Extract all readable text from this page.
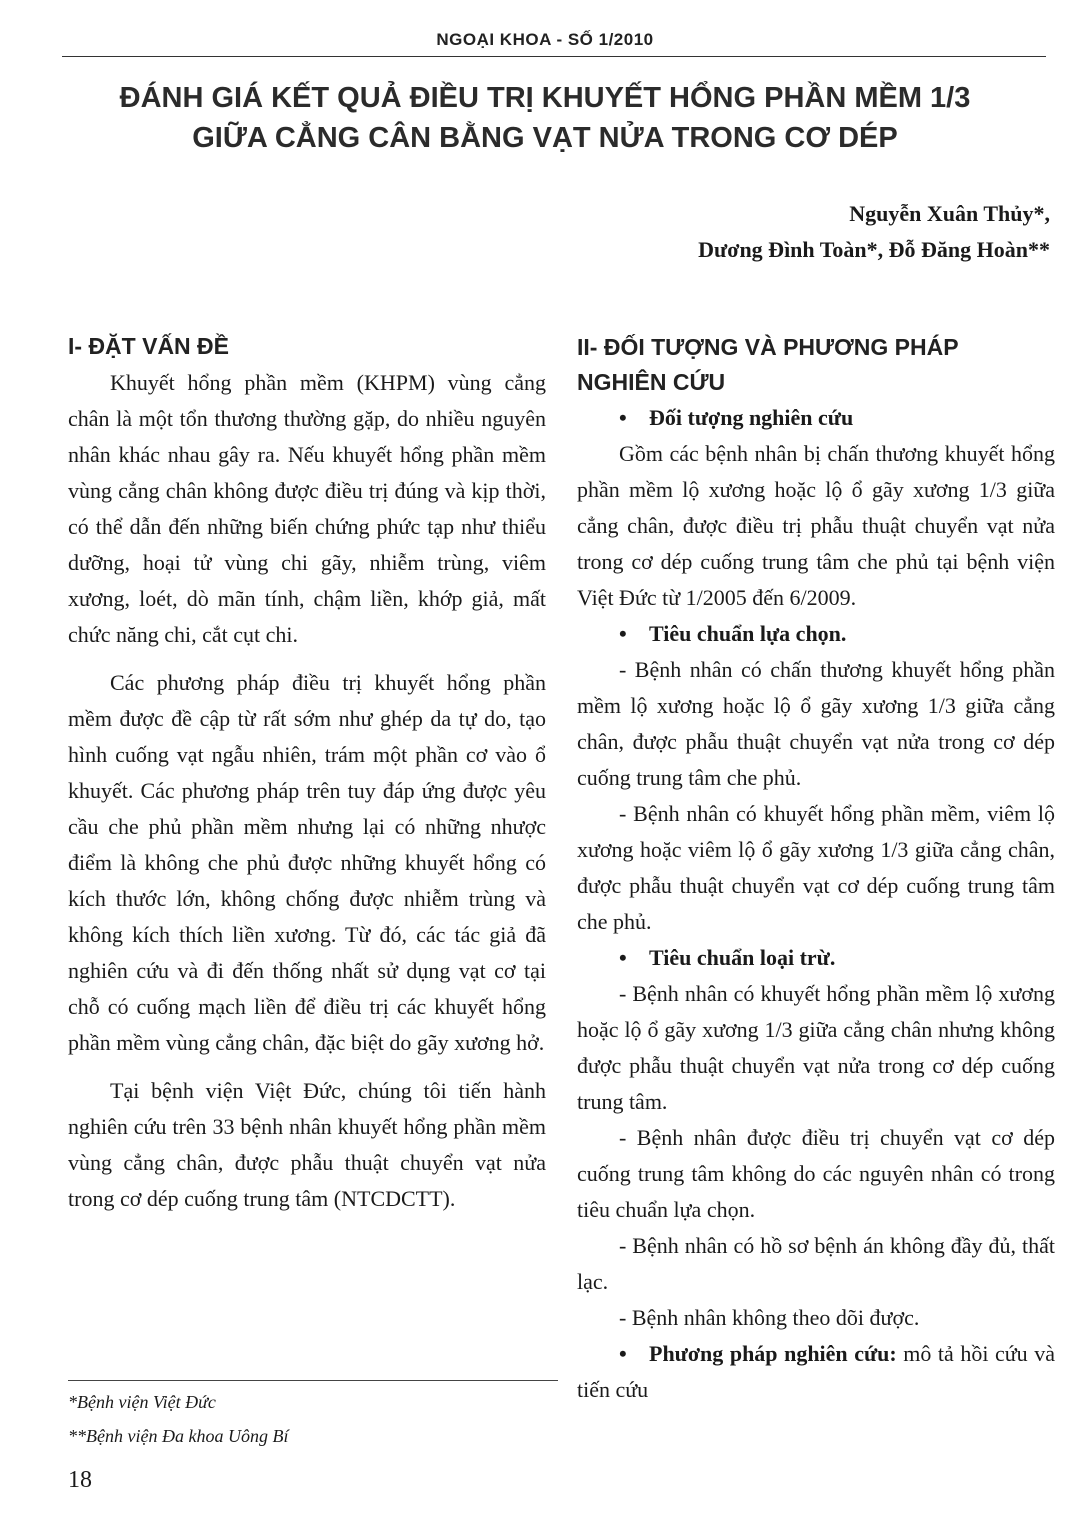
NGOẠI KHOA - SỐ 1/2010
ĐÁNH GIÁ KẾT QUẢ ĐIỀU TRỊ KHUYẾT HỔNG PHẦN MỀM 1/3
GIỮA CẲNG CÂN BẰNG VẠT NỬA TRONG CƠ DÉP
Nguyễn Xuân Thủy*,
Dương Đình Toàn*, Đỗ Đăng Hoàn**
I- ĐẶT VẤN ĐỀ

Khuyết hổng phần mềm (KHPM) vùng cẳng chân là một tổn thương thường gặp, do nhiều nguyên nhân khác nhau gây ra. Nếu khuyết hổng phần mềm vùng cẳng chân không được điều trị đúng và kịp thời, có thể dẫn đến những biến chứng phức tạp như thiểu dưỡng, hoại tử vùng chi gãy, nhiễm trùng, viêm xương, loét, dò mãn tính, chậm liền, khớp giả, mất chức năng chi, cắt cụt chi.

Các phương pháp điều trị khuyết hổng phần mềm được đề cập từ rất sớm như ghép da tự do, tạo hình cuống vạt ngẫu nhiên, trám một phần cơ vào ổ khuyết. Các phương pháp trên tuy đáp ứng được yêu cầu che phủ phần mềm nhưng lại có những nhược điểm là không che phủ được những khuyết hổng có kích thước lớn, không chống được nhiễm trùng và không kích thích liền xương. Từ đó, các tác giả đã nghiên cứu và đi đến thống nhất sử dụng vạt cơ tại chỗ có cuống mạch liền để điều trị các khuyết hổng phần mềm vùng cẳng chân, đặc biệt do gãy xương hở.

Tại bệnh viện Việt Đức, chúng tôi tiến hành nghiên cứu trên 33 bệnh nhân khuyết hổng phần mềm vùng cẳng chân, được phẫu thuật chuyển vạt nửa trong cơ dép cuống trung tâm (NTCDCTT).

II- ĐỐI TƯỢNG VÀ PHƯƠNG PHÁP
NGHIÊN CỨU
• Đối tượng nghiên cứu

Gồm các bệnh nhân bị chấn thương khuyết hổng phần mềm lộ xương hoặc lộ ổ gãy xương 1/3 giữa cẳng chân, được điều trị phẫu thuật chuyển vạt nửa trong cơ dép cuống trung tâm che phủ tại bệnh viện Việt Đức từ 1/2005 đến 6/2009.

• Tiêu chuẩn lựa chọn.

- Bệnh nhân có chấn thương khuyết hổng phần mềm lộ xương hoặc lộ ổ gãy xương 1/3 giữa cẳng chân, được phẫu thuật chuyển vạt nửa trong cơ dép cuống trung tâm che phủ.

- Bệnh nhân có khuyết hổng phần mềm, viêm lộ xương hoặc viêm lộ ổ gãy xương 1/3 giữa cẳng chân, được phẫu thuật chuyển vạt cơ dép cuống trung tâm che phủ.

• Tiêu chuẩn loại trừ.

- Bệnh nhân có khuyết hổng phần mềm lộ xương hoặc lộ ổ gãy xương 1/3 giữa cẳng chân nhưng không được phẫu thuật chuyển vạt nửa trong cơ dép cuống trung tâm.

- Bệnh nhân được điều trị chuyển vạt cơ dép cuống trung tâm không do các nguyên nhân có trong tiêu chuẩn lựa chọn.

- Bệnh nhân có hồ sơ bệnh án không đầy đủ, thất lạc.

- Bệnh nhân không theo dõi được.

• Phương pháp nghiên cứu: mô tả hồi cứu và tiến cứu

*Bệnh viện Việt Đức
**Bệnh viện Đa khoa Uông Bí
18
